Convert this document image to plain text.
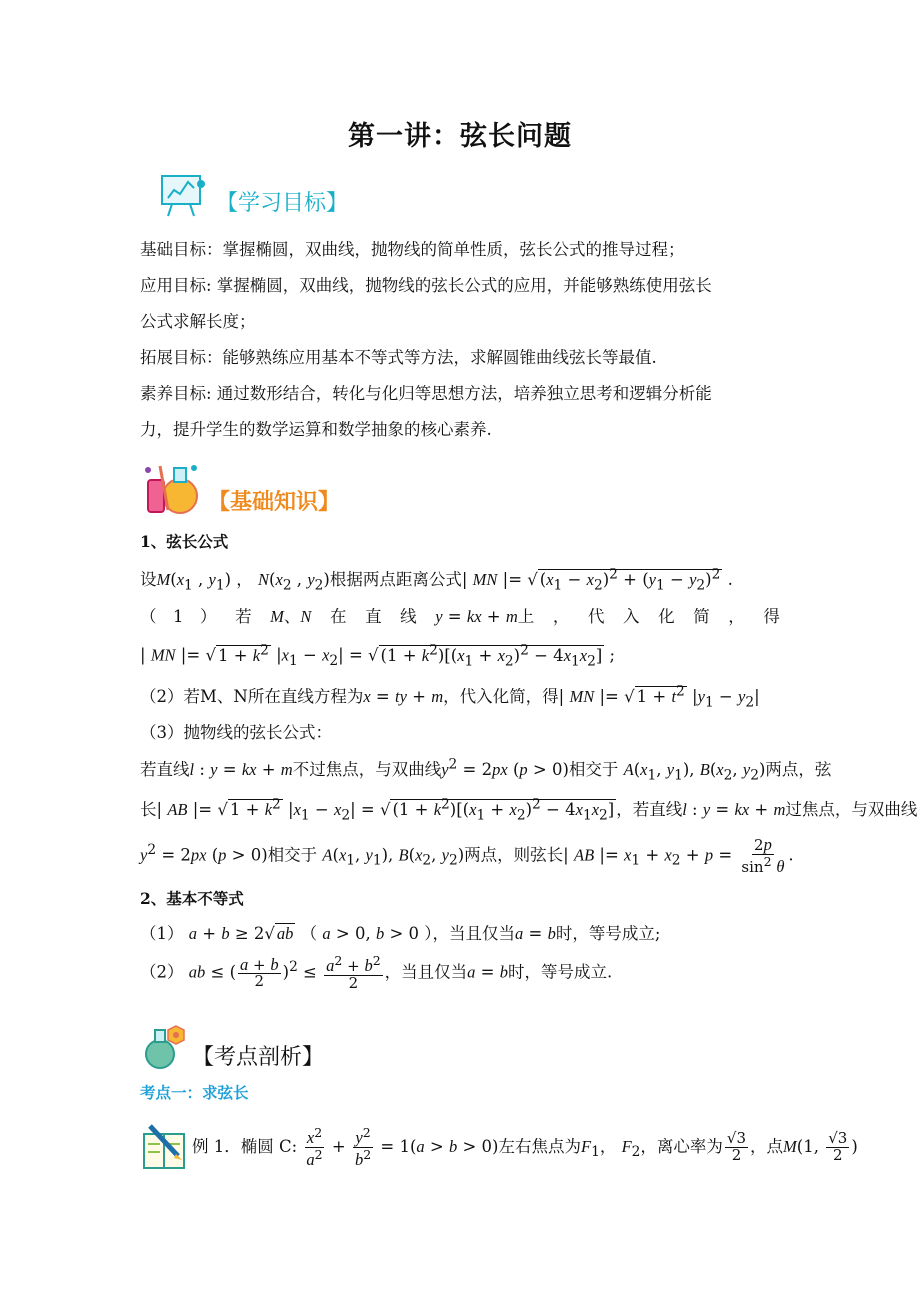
第一讲：弦长问题
【学习目标】
基础目标：掌握椭圆，双曲线，抛物线的简单性质，弦长公式的推导过程；
应用目标: 掌握椭圆，双曲线，抛物线的弦长公式的应用，并能够熟练使用弦长
公式求解长度；
拓展目标：能够熟练应用基本不等式等方法，求解圆锥曲线弦长等最值.
素养目标: 通过数形结合，转化与化归等思想方法，培养独立思考和逻辑分析能
力，提升学生的数学运算和数学抽象的核心素养.
【基础知识】
1、弦长公式
设$M(x_1$ , $y_1$) ， $N(x_2$ , $y_2$)根据两点距离公式| MN |= √ $(x_1 - x_2)^2 + (y_1 - y_2)^2$ .
（　1　） 若 M、N 在 直 线 y = kx + m上 ， 代 入 化 简 ， 得
| MN |= √ $1 + k^2$ $|x_1 - x_2|$ = √ $(1 + k^2)[(x_1 + x_2)^2 - 4x_1x_2]$ ;
（2）若M、N所在直线方程为x = ty + m，代入化简，得| MN |= √ $1 + t^2$ $|y_1 - y_2|$
（3）抛物线的弦长公式：
若直线l : y = kx + m不过焦点，与双曲线$y^2 = 2px$ (p > 0)相交于 $A(x_1$, $y_1$), $B(x_2$, $y_2$)两点，弦
长| AB |= √ $1 + k^2$ $|x_1 - x_2|$ = √ $(1 + k^2)[(x_1 + x_2)^2 - 4x_1x_2]$ ，若直线l : y = kx + m过焦点，与双曲线
$y^2 = 2px$ (p > 0)相交于 $A(x_1$, $y_1$), $B(x_2$, $y_2$)两点，则弦长| AB |= $x_1 + x_2 + p = \frac{2p}{\sin^2 \theta}$ .
2、基本不等式
（1） a + b ≥ 2√ ab （ a > 0, b > 0 ），当且仅当a = b时，等号成立;
（2） ab ≤ ( $\frac{a + b}{2} )^2 \le \frac{a^2 + b^2}{2}$ ，当且仅当a = b时，等号成立.
【考点剖析】
考点一：求弦长
例 1．椭圆 C: $\frac{x^2}{a^2} + \frac{y^2}{b^2} = 1(a > b > 0)$左右焦点为$F_1$， $F_2$，离心率为 $\frac{√3}{2}$ ，点M(1, $\frac{√3}{2}$ )
